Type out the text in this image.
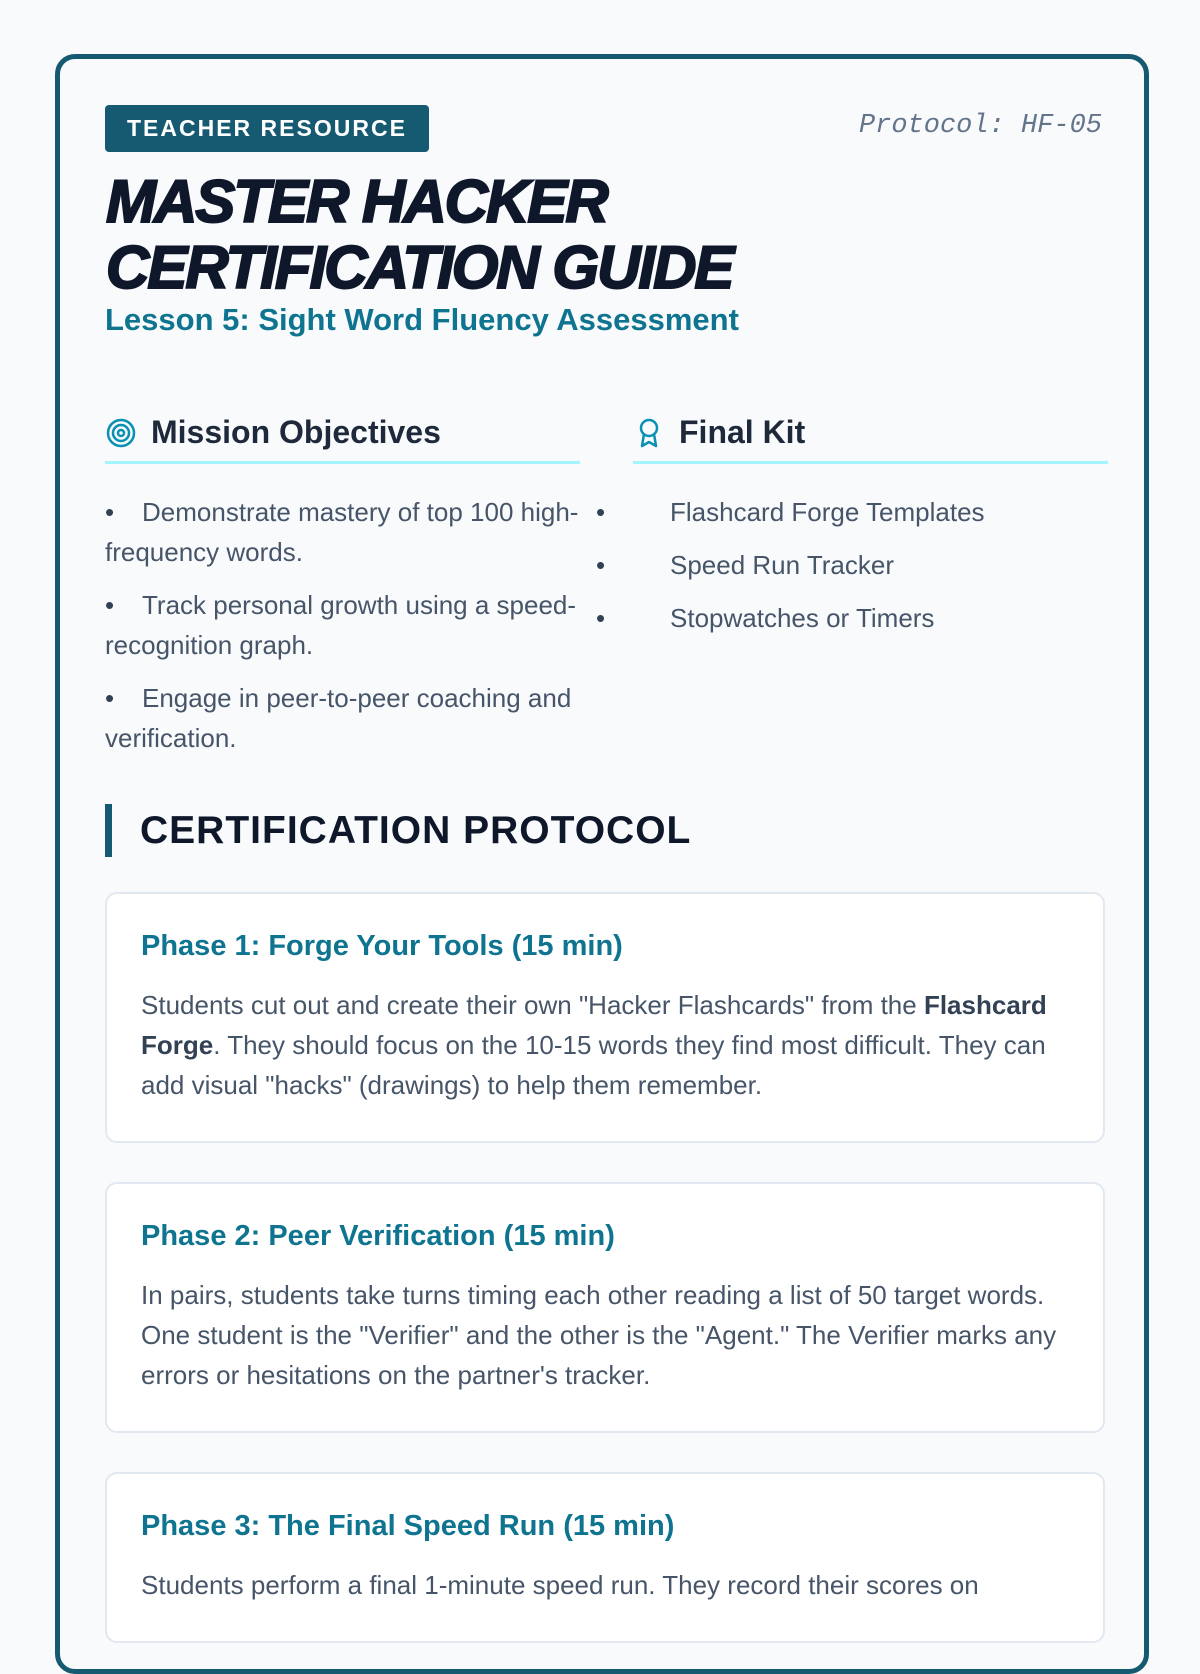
TEACHER RESOURCE	Protocol: HF-05
MASTER HACKER
CERTIFICATION GUIDE
Lesson 5: Sight Word Fluency Assessment
Mission Objectives
• Demonstrate mastery of top 100 high-frequency words.
• Track personal growth using a speed-recognition graph.
• Engage in peer-to-peer coaching and verification.
Final Kit
• Flashcard Forge Templates
• Speed Run Tracker
• Stopwatches or Timers
CERTIFICATION PROTOCOL
Phase 1: Forge Your Tools (15 min)

Students cut out and create their own "Hacker Flashcards" from the Flashcard Forge. They should focus on the 10-15 words they find most difficult. They can add visual "hacks" (drawings) to help them remember.

Phase 2: Peer Verification (15 min)

In pairs, students take turns timing each other reading a list of 50 target words. One student is the "Verifier" and the other is the "Agent." The Verifier marks any errors or hesitations on the partner's tracker.

Phase 3: The Final Speed Run (15 min)

Students perform a final 1-minute speed run. They record their scores on
